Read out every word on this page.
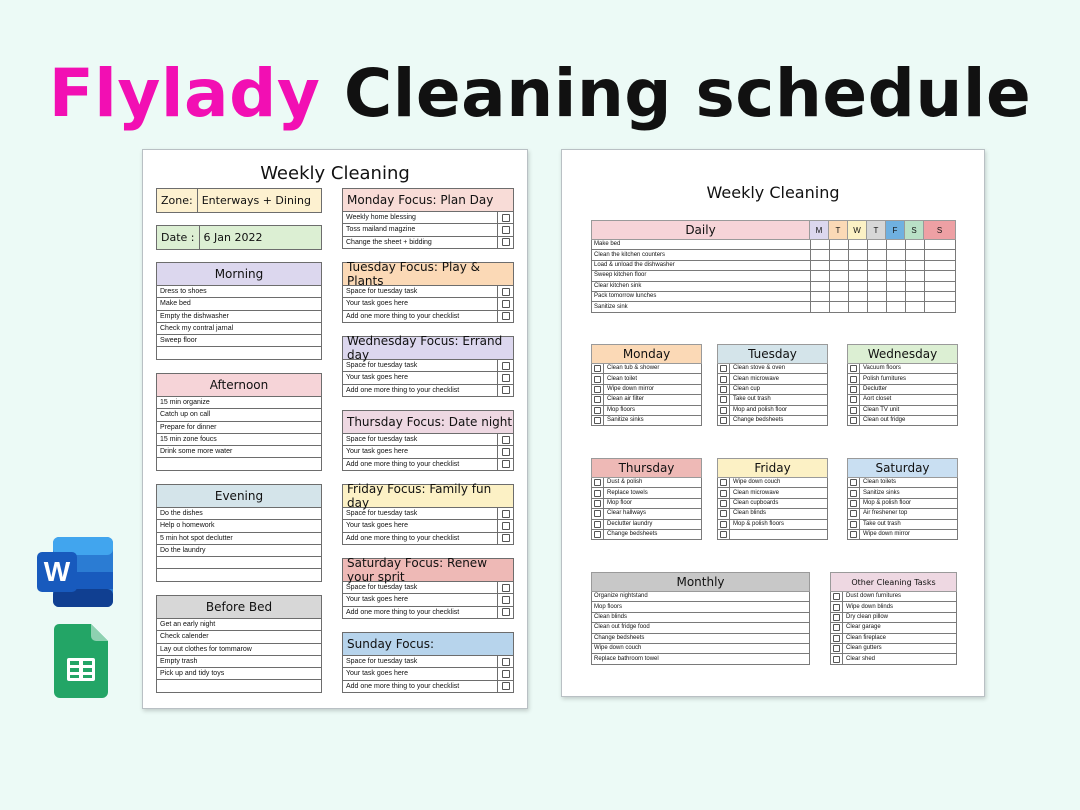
Flylady Cleaning schedule
W
Weekly Cleaning
Zone: Enterways + Dining
Date : 6 Jan 2022
Morning
Dress to shoes
Make bed
Empty the dishwasher
Check my contral jarnal
Sweep floor
Afternoon
15 min organize
Catch up on call
Prepare for dinner
15 min zone foucs
Drink some more water
Evening
Do the dishes
Help o homework
5 min hot spot declutter
Do the laundry
Before Bed
Get an early night
Check calender
Lay out clothes for tommarow
Empty trash
Pick up and tidy toys
Monday Focus: Plan Day
Weekly home blessing
Toss mailand magzine
Change the sheet + bidding
Tuesday Focus: Play & Plants
Space for tuesday task
Your task goes here
Add one more thing to your checklist
Wednesday Focus: Errand day
Space for tuesday task
Your task goes here
Add one more thing to your checklist
Thursday Focus: Date night
Space for tuesday task
Your task goes here
Add one more thing to your checklist
Friday Focus: Family fun day
Space for tuesday task
Your task goes here
Add one more thing to your checklist
Saturday Focus: Renew your sprit
Space for tuesday task
Your task goes here
Add one more thing to your checklist
Sunday Focus:
Space for tuesday task
Your task goes here
Add one more thing to your checklist
Weekly Cleaning
Daily	M	T	W	T	F	S	S
Make bed
Clean the kitchen counters
Load & unload the dishwasher
Sweep kitchen floor
Clear kitchen sink
Pack tomorrow lunches
Sanitize sink
Monday
Clean tub & shower
Clean toilet
Wipe down mirror
Clean air filter
Mop floors
Sanitize sinks
Tuesday
Clean stove & oven
Clean microwave
Clean cup
Take out trash
Mop and polish floor
Change bedsheets
Wednesday
Vacuum floors
Polish furnitures
Declutter
Aort closet
Clean TV unit
Clean out fridge
Thursday
Dust & polish
Replace towels
Mop floor
Clear hallways
Declutter laundry
Change bedsheets
Friday
Wipe down couch
Clean microwave
Clean cupboards
Clean blinds
Mop & polish floors
Saturday
Clean toilets
Sanitize sinks
Mop & polish floor
Air freshener top
Take out trash
Wipe down mirror
Monthly
Organize nightstand
Mop floors
Clean blinds
Clean out fridge food
Change bedsheets
Wipe down couch
Replace bathroom towel
Other Cleaning Tasks
Dust down furnitures
Wipe down blinds
Dry clean pillow
Clear garage
Clean fireplace
Clean gutters
Clear shed
